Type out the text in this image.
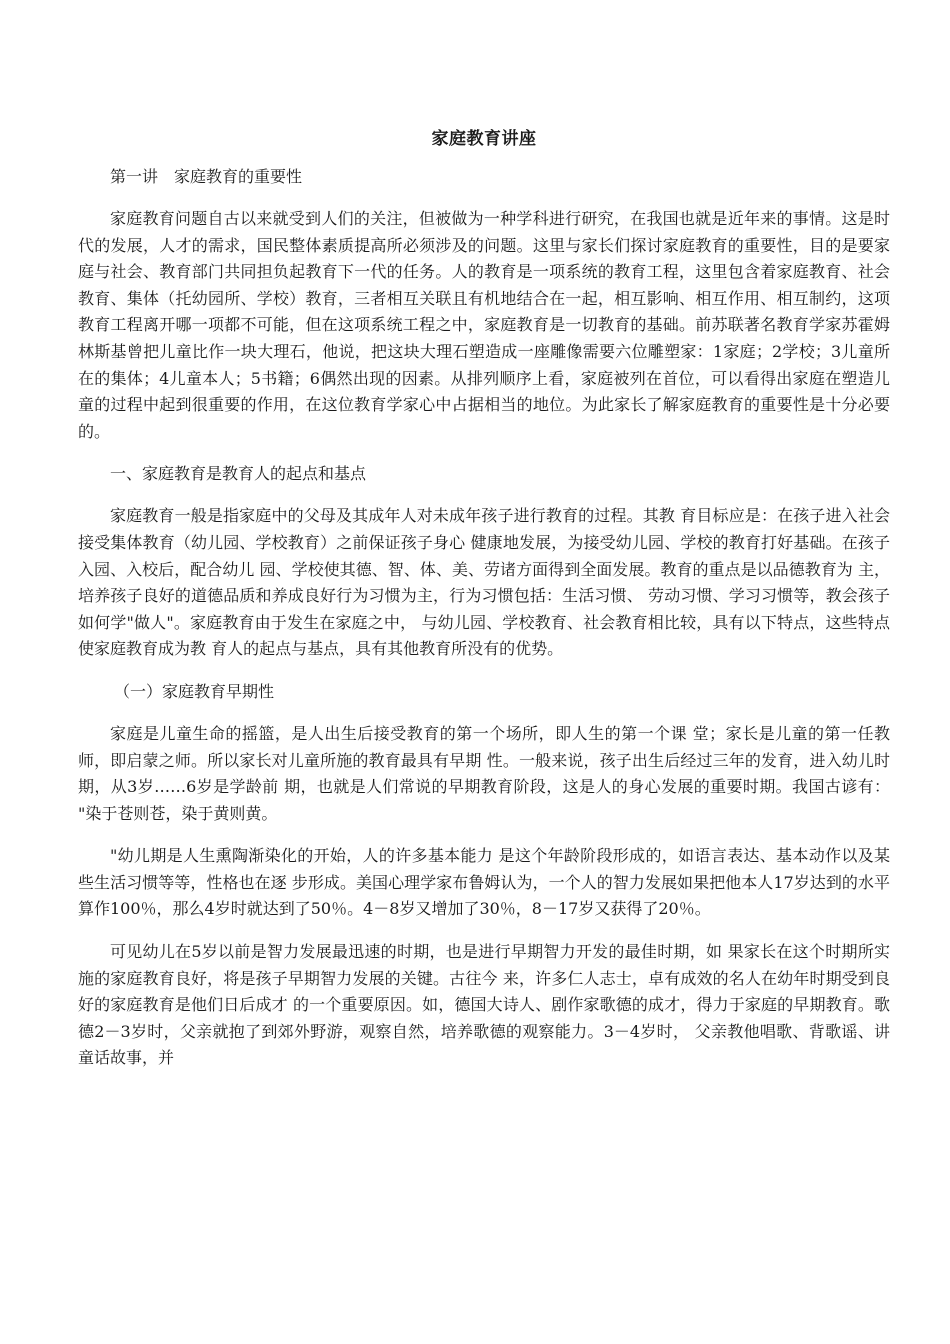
家庭教育讲座
第一讲　家庭教育的重要性

家庭教育问题自古以来就受到人们的关注，但被做为一种学科进行研究，在我国也就是近年来的事情。这是时代的发展，人才的需求，国民整体素质提高所必须涉及的问题。这里与家长们探讨家庭教育的重要性，目的是要家庭与社会、教育部门共同担负起教育下一代的任务。人的教育是一项系统的教育工程，这里包含着家庭教育、社会教育、集体（托幼园所、学校）教育，三者相互关联且有机地结合在一起，相互影响、相互作用、相互制约，这项教育工程离开哪一项都不可能，但在这项系统工程之中，家庭教育是一切教育的基础。前苏联著名教育学家苏霍姆林斯基曾把儿童比作一块大理石，他说，把这块大理石塑造成一座雕像需要六位雕塑家：1家庭；2学校；3儿童所在的集体；4儿童本人；5书籍；6偶然出现的因素。从排列顺序上看，家庭被列在首位，可以看得出家庭在塑造儿童的过程中起到很重要的作用，在这位教育学家心中占据相当的地位。为此家长了解家庭教育的重要性是十分必要的。

一、家庭教育是教育人的起点和基点

家庭教育一般是指家庭中的父母及其成年人对未成年孩子进行教育的过程。其教 育目标应是：在孩子进入社会接受集体教育（幼儿园、学校教育）之前保证孩子身心 健康地发展，为接受幼儿园、学校的教育打好基础。在孩子入园、入校后，配合幼儿 园、学校使其德、智、体、美、劳诸方面得到全面发展。教育的重点是以品德教育为 主，培养孩子良好的道德品质和养成良好行为习惯为主，行为习惯包括：生活习惯、 劳动习惯、学习习惯等，教会孩子如何学"做人"。家庭教育由于发生在家庭之中， 与幼儿园、学校教育、社会教育相比较，具有以下特点，这些特点使家庭教育成为教 育人的起点与基点，具有其他教育所没有的优势。

（一）家庭教育早期性

家庭是儿童生命的摇篮，是人出生后接受教育的第一个场所，即人生的第一个课 堂；家长是儿童的第一任教师，即启蒙之师。所以家长对儿童所施的教育最具有早期 性。一般来说，孩子出生后经过三年的发育，进入幼儿时期，从3岁……6岁是学龄前 期，也就是人们常说的早期教育阶段，这是人的身心发展的重要时期。我国古谚有： "染于苍则苍，染于黄则黄。

"幼儿期是人生熏陶渐染化的开始，人的许多基本能力 是这个年龄阶段形成的，如语言表达、基本动作以及某些生活习惯等等，性格也在逐 步形成。美国心理学家布鲁姆认为，一个人的智力发展如果把他本人17岁达到的水平 算作100％，那么4岁时就达到了50％。4－8岁又增加了30％，8－17岁又获得了20％。

可见幼儿在5岁以前是智力发展最迅速的时期，也是进行早期智力开发的最佳时期，如 果家长在这个时期所实施的家庭教育良好，将是孩子早期智力发展的关键。古往今 来，许多仁人志士，卓有成效的名人在幼年时期受到良好的家庭教育是他们日后成才 的一个重要原因。如，德国大诗人、剧作家歌德的成才，得力于家庭的早期教育。歌 德2－3岁时，父亲就抱了到郊外野游，观察自然，培养歌德的观察能力。3－4岁时， 父亲教他唱歌、背歌谣、讲童话故事，并
